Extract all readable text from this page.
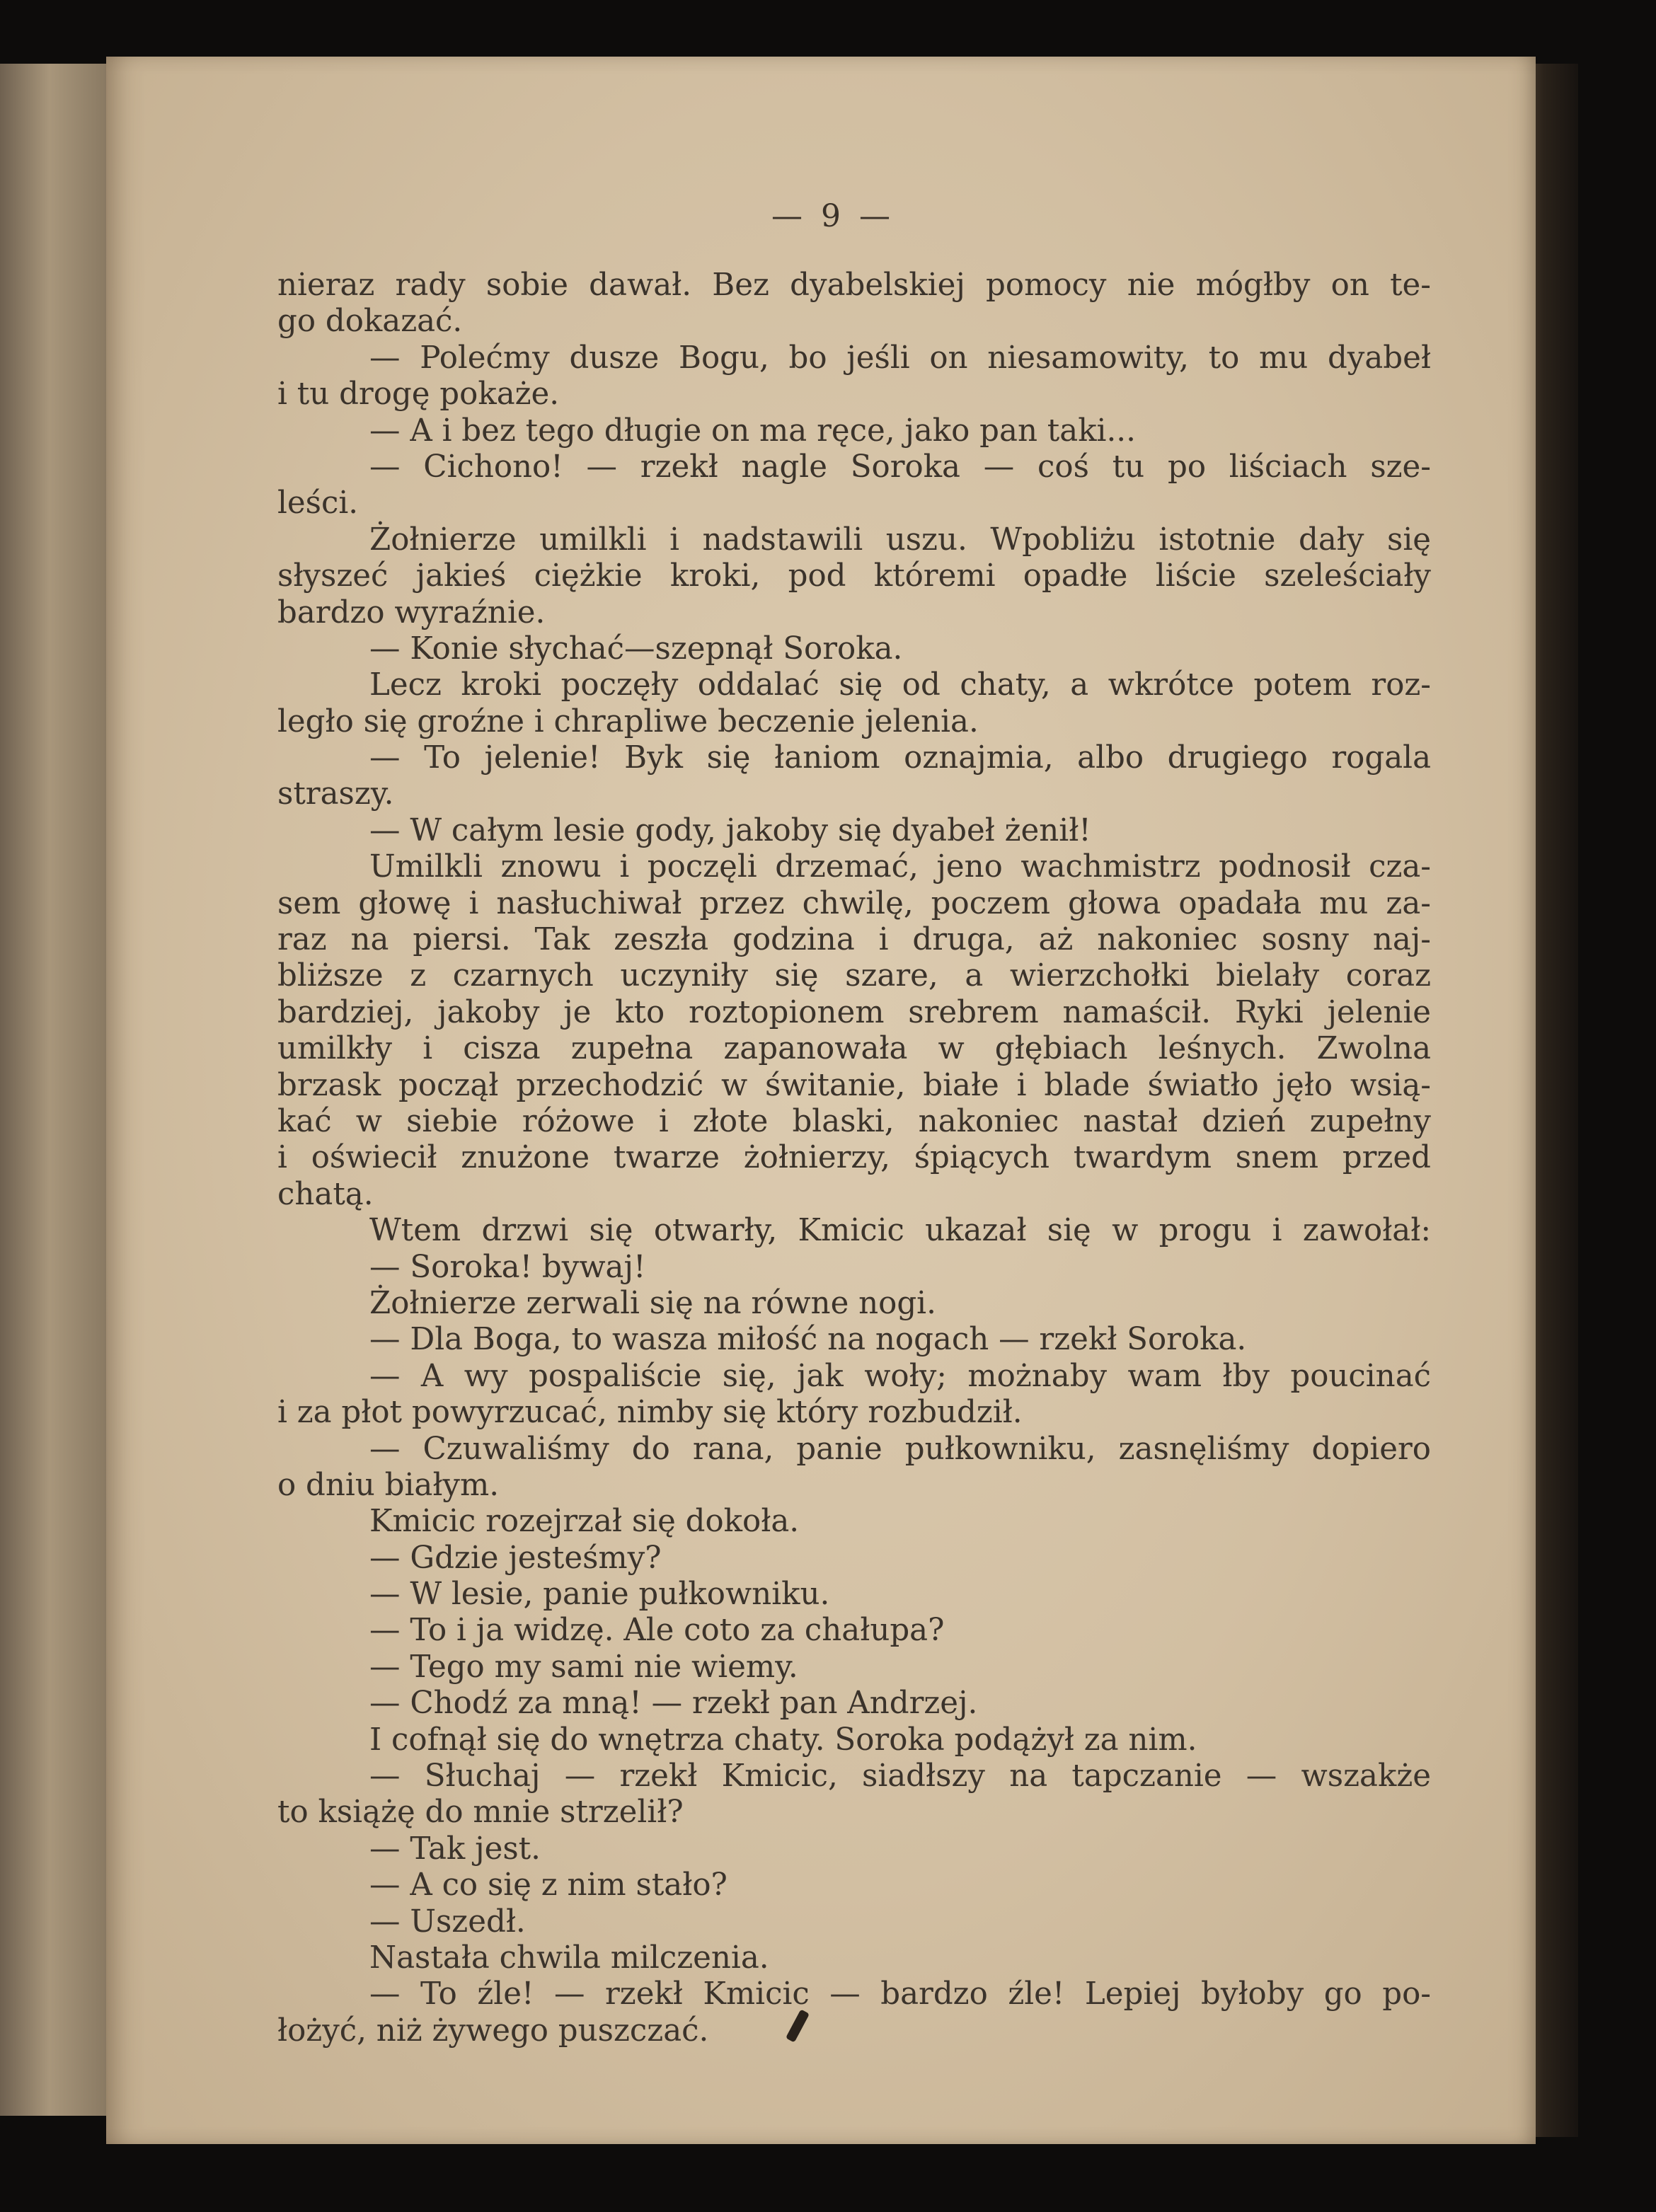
— 9 —
nieraz rady sobie dawał. Bez dyabelskiej pomocy nie mógłby on te-
go dokazać.
— Polećmy dusze Bogu, bo jeśli on niesamowity, to mu dyabeł
i tu drogę pokaże.
— A i bez tego długie on ma ręce, jako pan taki...
— Cichono! — rzekł nagle Soroka — coś tu po liściach sze-
leści.
Żołnierze umilkli i nadstawili uszu. Wpobliżu istotnie dały się
słyszeć jakieś ciężkie kroki, pod któremi opadłe liście szeleściały
bardzo wyraźnie.
— Konie słychać—szepnął Soroka.
Lecz kroki poczęły oddalać się od chaty, a wkrótce potem roz-
legło się groźne i chrapliwe beczenie jelenia.
— To jelenie! Byk się łaniom oznajmia, albo drugiego rogala
straszy.
— W całym lesie gody, jakoby się dyabeł żenił!
Umilkli znowu i poczęli drzemać, jeno wachmistrz podnosił cza-
sem głowę i nasłuchiwał przez chwilę, poczem głowa opadała mu za-
raz na piersi. Tak zeszła godzina i druga, aż nakoniec sosny naj-
bliższe z czarnych uczyniły się szare, a wierzchołki bielały coraz
bardziej, jakoby je kto roztopionem srebrem namaścił. Ryki jelenie
umilkły i cisza zupełna zapanowała w głębiach leśnych. Zwolna
brzask począł przechodzić w świtanie, białe i blade światło jęło wsią-
kać w siebie różowe i złote blaski, nakoniec nastał dzień zupełny
i oświecił znużone twarze żołnierzy, śpiących twardym snem przed
chatą.
Wtem drzwi się otwarły, Kmicic ukazał się w progu i zawołał:
— Soroka! bywaj!
Żołnierze zerwali się na równe nogi.
— Dla Boga, to wasza miłość na nogach — rzekł Soroka.
— A wy pospaliście się, jak woły; możnaby wam łby poucinać
i za płot powyrzucać, nimby się który rozbudził.
— Czuwaliśmy do rana, panie pułkowniku, zasnęliśmy dopiero
o dniu białym.
Kmicic rozejrzał się dokoła.
— Gdzie jesteśmy?
— W lesie, panie pułkowniku.
— To i ja widzę. Ale coto za chałupa?
— Tego my sami nie wiemy.
— Chodź za mną! — rzekł pan Andrzej.
I cofnął się do wnętrza chaty. Soroka podążył za nim.
— Słuchaj — rzekł Kmicic, siadłszy na tapczanie — wszakże
to książę do mnie strzelił?
— Tak jest.
— A co się z nim stało?
— Uszedł.
Nastała chwila milczenia.
— To źle! — rzekł Kmicic — bardzo źle! Lepiej byłoby go po-
łożyć, niż żywego puszczać.
